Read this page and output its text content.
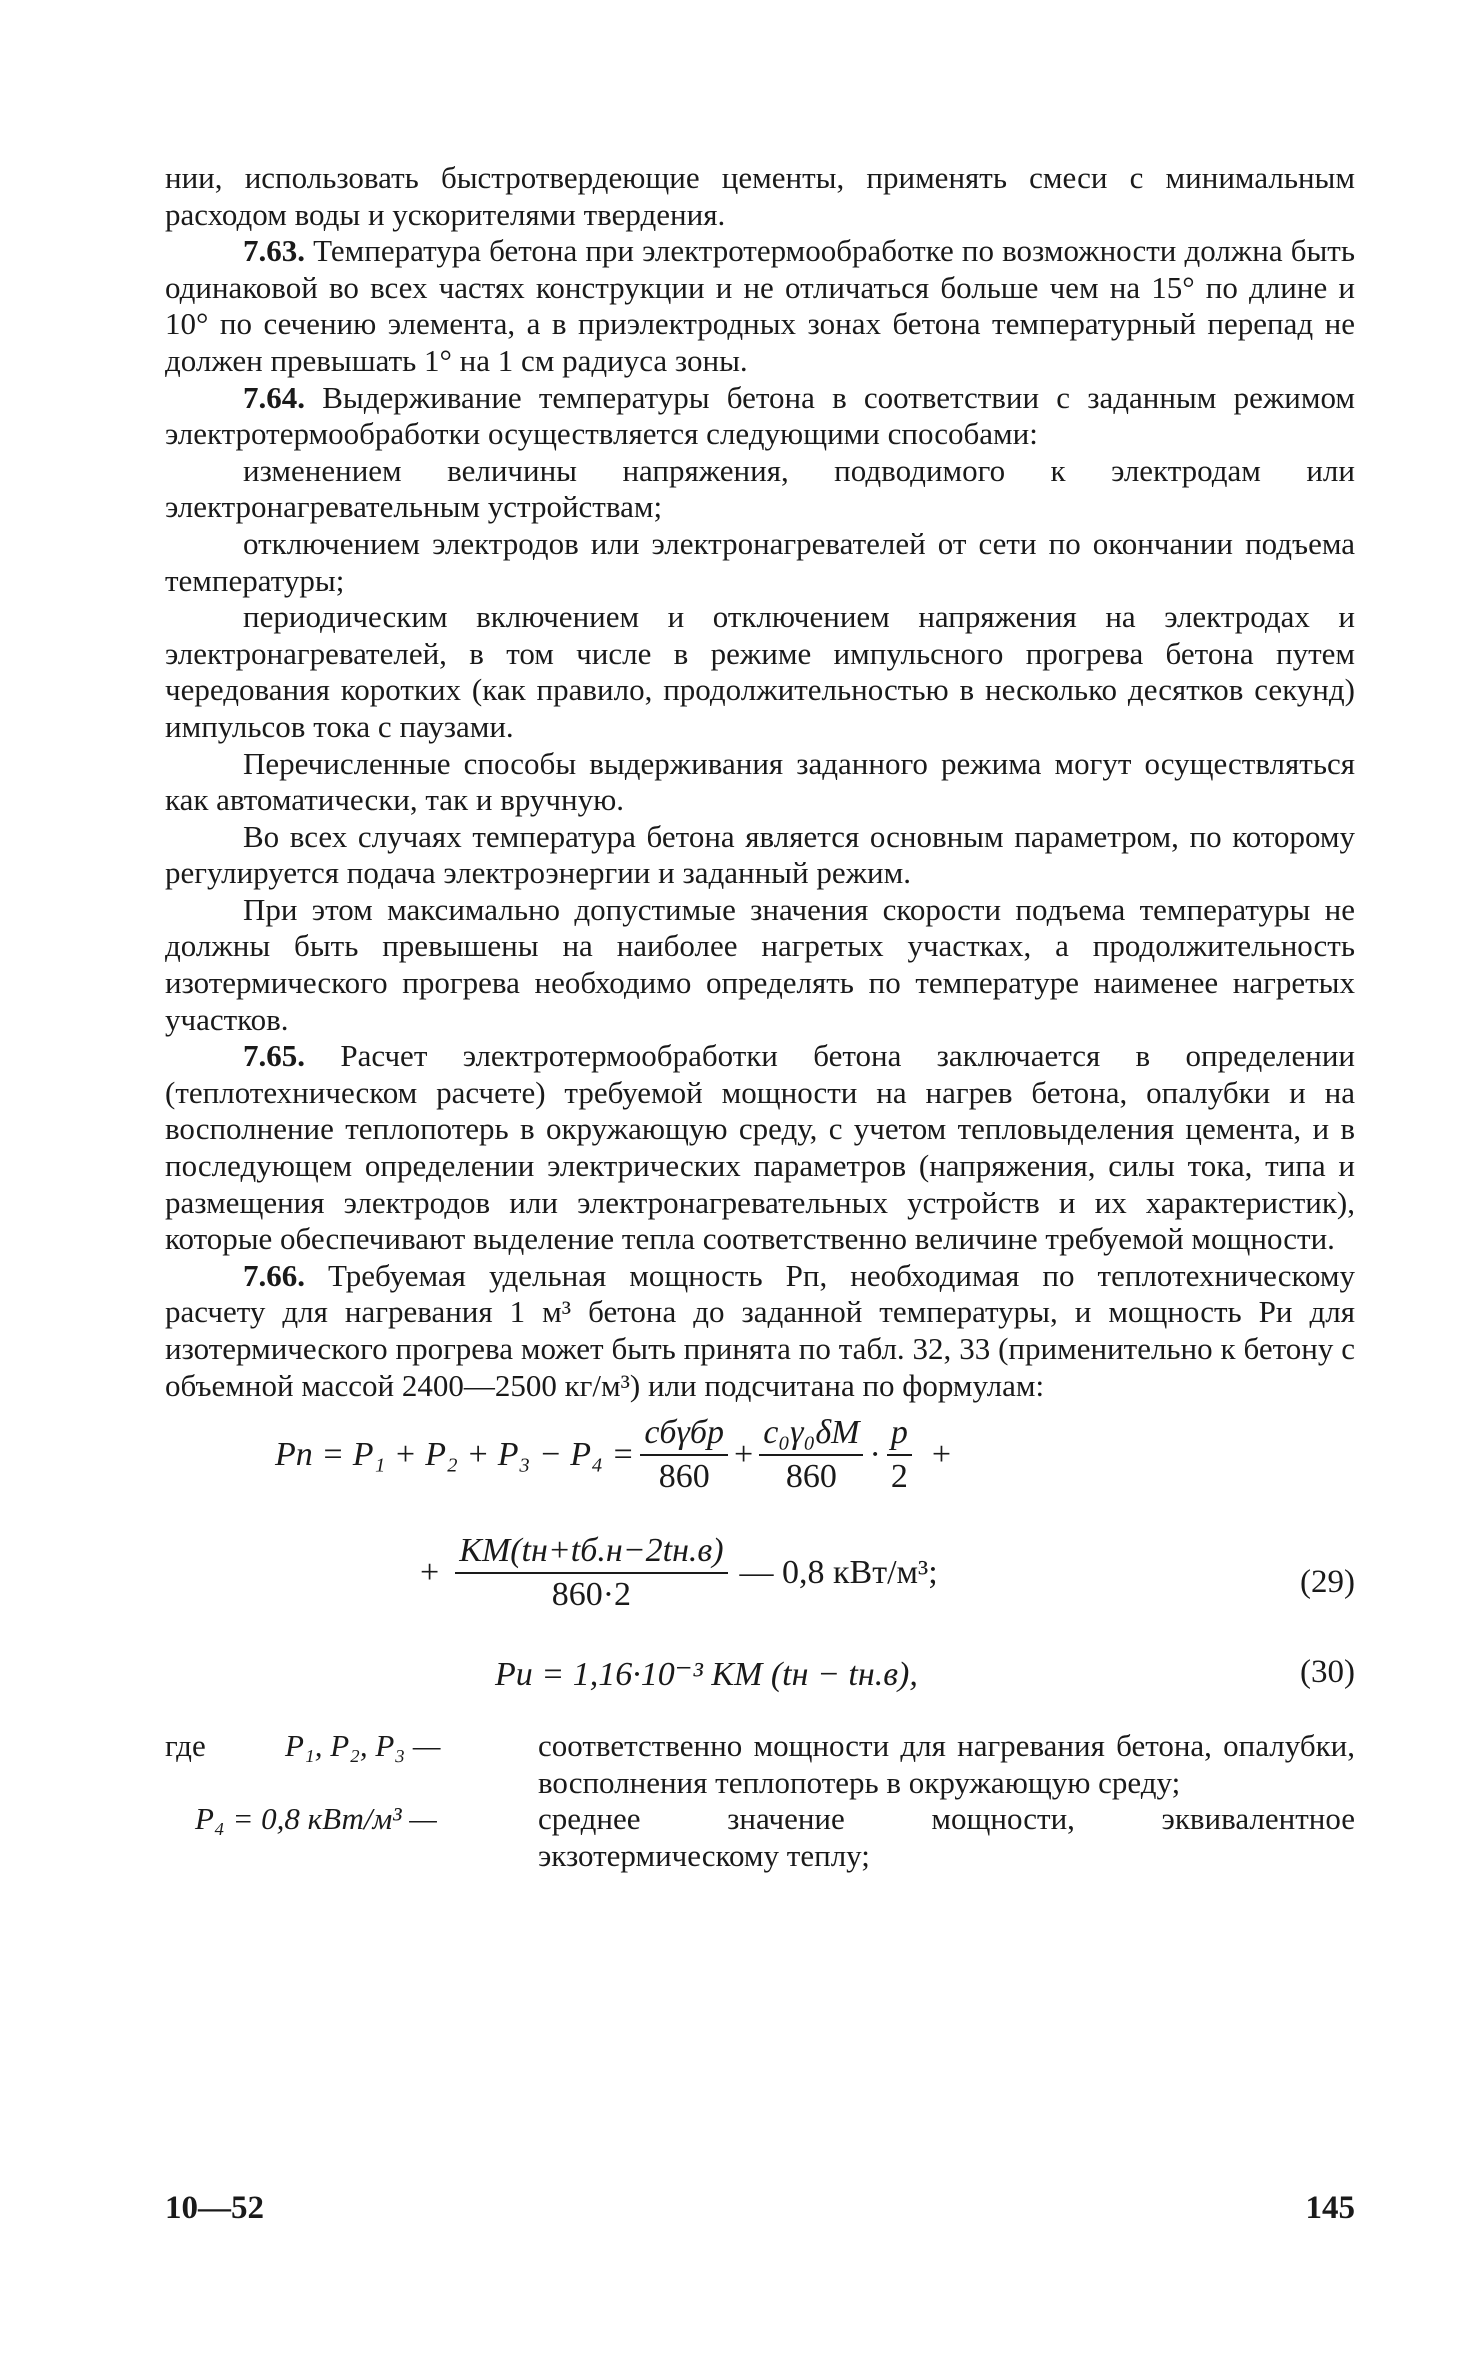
нии, использовать быстротвердеющие цементы, применять смеси с минимальным расходом воды и ускорителями твердения.

7.63. Температура бетона при электротермообработке по возможности должна быть одинаковой во всех частях конструкции и не отличаться больше чем на 15° по длине и 10° по сечению элемента, а в приэлектродных зонах бетона температурный перепад не должен превышать 1° на 1 см радиуса зоны.

7.64. Выдерживание температуры бетона в соответствии с заданным режимом электротермообработки осуществляется следующими способами:

изменением величины напряжения, подводимого к электродам или электронагревательным устройствам;

отключением электродов или электронагревателей от сети по окончании подъема температуры;

периодическим включением и отключением напряжения на электродах и электронагревателей, в том числе в режиме импульсного прогрева бетона путем чередования коротких (как правило, продолжительностью в несколько десятков секунд) импульсов тока с паузами.

Перечисленные способы выдерживания заданного режима могут осуществляться как автоматически, так и вручную.

Во всех случаях температура бетона является основным параметром, по которому регулируется подача электроэнергии и заданный режим.

При этом максимально допустимые значения скорости подъема температуры не должны быть превышены на наиболее нагретых участках, а продолжительность изотермического прогрева необходимо определять по температуре наименее нагретых участков.

7.65. Расчет электротермообработки бетона заключается в определении (теплотехническом расчете) требуемой мощности на нагрев бетона, опалубки и на восполнение теплопотерь в окружающую среду, с учетом тепловыделения цемента, и в последующем определении электрических параметров (напряжения, силы тока, типа и размещения электродов или электронагревательных устройств и их характеристик), которые обеспечивают выделение тепла соответственно величине требуемой мощности.

7.66. Требуемая удельная мощность Pп, необходимая по теплотехническому расчету для нагревания 1 м³ бетона до заданной температуры, и мощность Pи для изотермического прогрева может быть принята по табл. 32, 33 (применительно к бетону с объемной массой 2400—2500 кг/м³) или подсчитана по формулам:

Pп = $P_1 + P_2 + P_3 - P_4 = \frac{\text{cбγбp}}{860} + \frac{\text{c₀γ₀δM}}{860} \cdot \frac{p}{2}$ +
+ $\frac{KM(tн+tб.н-2tн.в)}{860\cdot 2}$ — 0,8 кВт/м³;	(29)
Pи = 1,16·10⁻³ KM (tн − tн.в),	(30)
где	P₁, P₂, P₃ —	соответственно мощности для нагревания бетона, опалубки, восполнения теплопотерь в окружающую среду;
P₄ = 0,8 кВт/м³ —	среднее значение мощности, эквивалентное экзотермическому теплу;
10—52	145
